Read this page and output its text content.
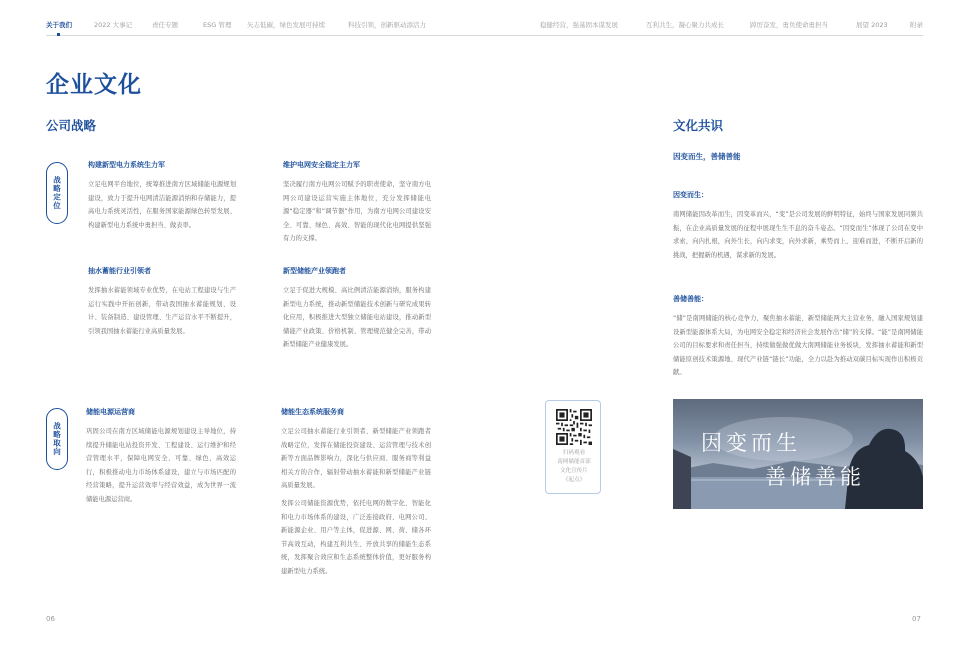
关于我们	2022 大事记	责任专题	ESG 管理 矢志低碳，绿色发展可持续	科技引领，创新驱动添活力	稳健经营，强基固本谋发展	互利共生，凝心聚力共成长	踔厉奋发，勇负使命勇担当	展望 2023	附录
企业文化
公司战略	文化共识
战略定位
构建新型电力系统生力军

立足电网平台地位，统筹推进南方区域储能电源规划建设，致力于提升电网清洁能源消纳和存储能力，提高电力系统灵活性，在服务国家能源绿色转型发展、构建新型电力系统中勇担当、做表率。

维护电网安全稳定主力军

坚决履行南方电网公司赋予的职责使命，坚守南方电网公司建设运营实施主体地位，充分发挥储能电源“稳定器”和“调节器”作用，为南方电网公司建设安全、可靠、绿色、高效、智能的现代化电网提供坚强有力的支撑。

抽水蓄能行业引领者

发挥抽水蓄能领域专业优势，在电站工程建设与生产运行实践中开拓创新，带动我国抽水蓄能规划、设计、装备制造、建设管理、生产运营水平不断提升，引领我国抽水蓄能行业高质量发展。

新型储能产业领跑者

立足于促进大规模、高比例清洁能源消纳，服务构建新型电力系统，推动新型储能技术创新与研究成果转化应用，积极推进大型独立储能电站建设，推动新型储能产业政策、价格机制、管理规范健全完善，带动新型储能产业健康发展。

战略取向
储能电源运营商

巩固公司在南方区域储能电源规划建设主导地位，持续提升储能电站投资开发、工程建设、运行维护和经营管理水平，保障电网安全、可靠、绿色、高效运行，积极推动电力市场体系建设，建立与市场匹配的经营策略，提升运营效率与经营效益，成为世界一流储能电源运营商。

储能生态系统服务商

立足公司抽水蓄能行业引领者、新型储能产业领跑者战略定位，发挥在储能投资建设、运营管理与技术创新等方面品牌影响力，深化与供应商、服务商等利益相关方的合作，辐射带动抽水蓄能和新型储能产业链高质量发展。

发挥公司储能资源优势，依托电网的数字化、智能化和电力市场体系的建设，广泛连接政府、电网公司、新能源企业、用户等主体，促进源、网、荷、储各环节高效互动，构建互利共生、开放共享的储能生态系统，发挥聚合效应和生态系统整体价值，更好服务构建新型电力系统。

扫码观看
南网储能首部
文化宣传片
《起点》
因变而生，善储善能
因变而生：

南网储能因改革而生，因变革而兴，“变”是公司发展的鲜明特征，始终与国家发展同频共振，在企业高质量发展的征程中展现生生不息的奋斗姿态。“因变而生”体现了公司在变中求索，向内扎根，向外生长，向内求变，向外求新，乘势而上，迎难而进，不断开启新的挑战，把握新的机遇，谋求新的发展。

善储善能：

“储”是南网储能的核心竞争力，聚焦抽水蓄能、新型储能两大主营业务，融入国家规划建设新型能源体系大局，为电网安全稳定和经济社会发展作出“储”的支撑。“能”是南网储能公司的目标要求和责任担当，持续做强做优做大南网储能业务板块，发挥抽水蓄能和新型储能原创技术策源地、现代产业链“链长”功能，全力以赴为推动双碳目标实现作出积极贡献。

因变而生
善储善能
06	07
